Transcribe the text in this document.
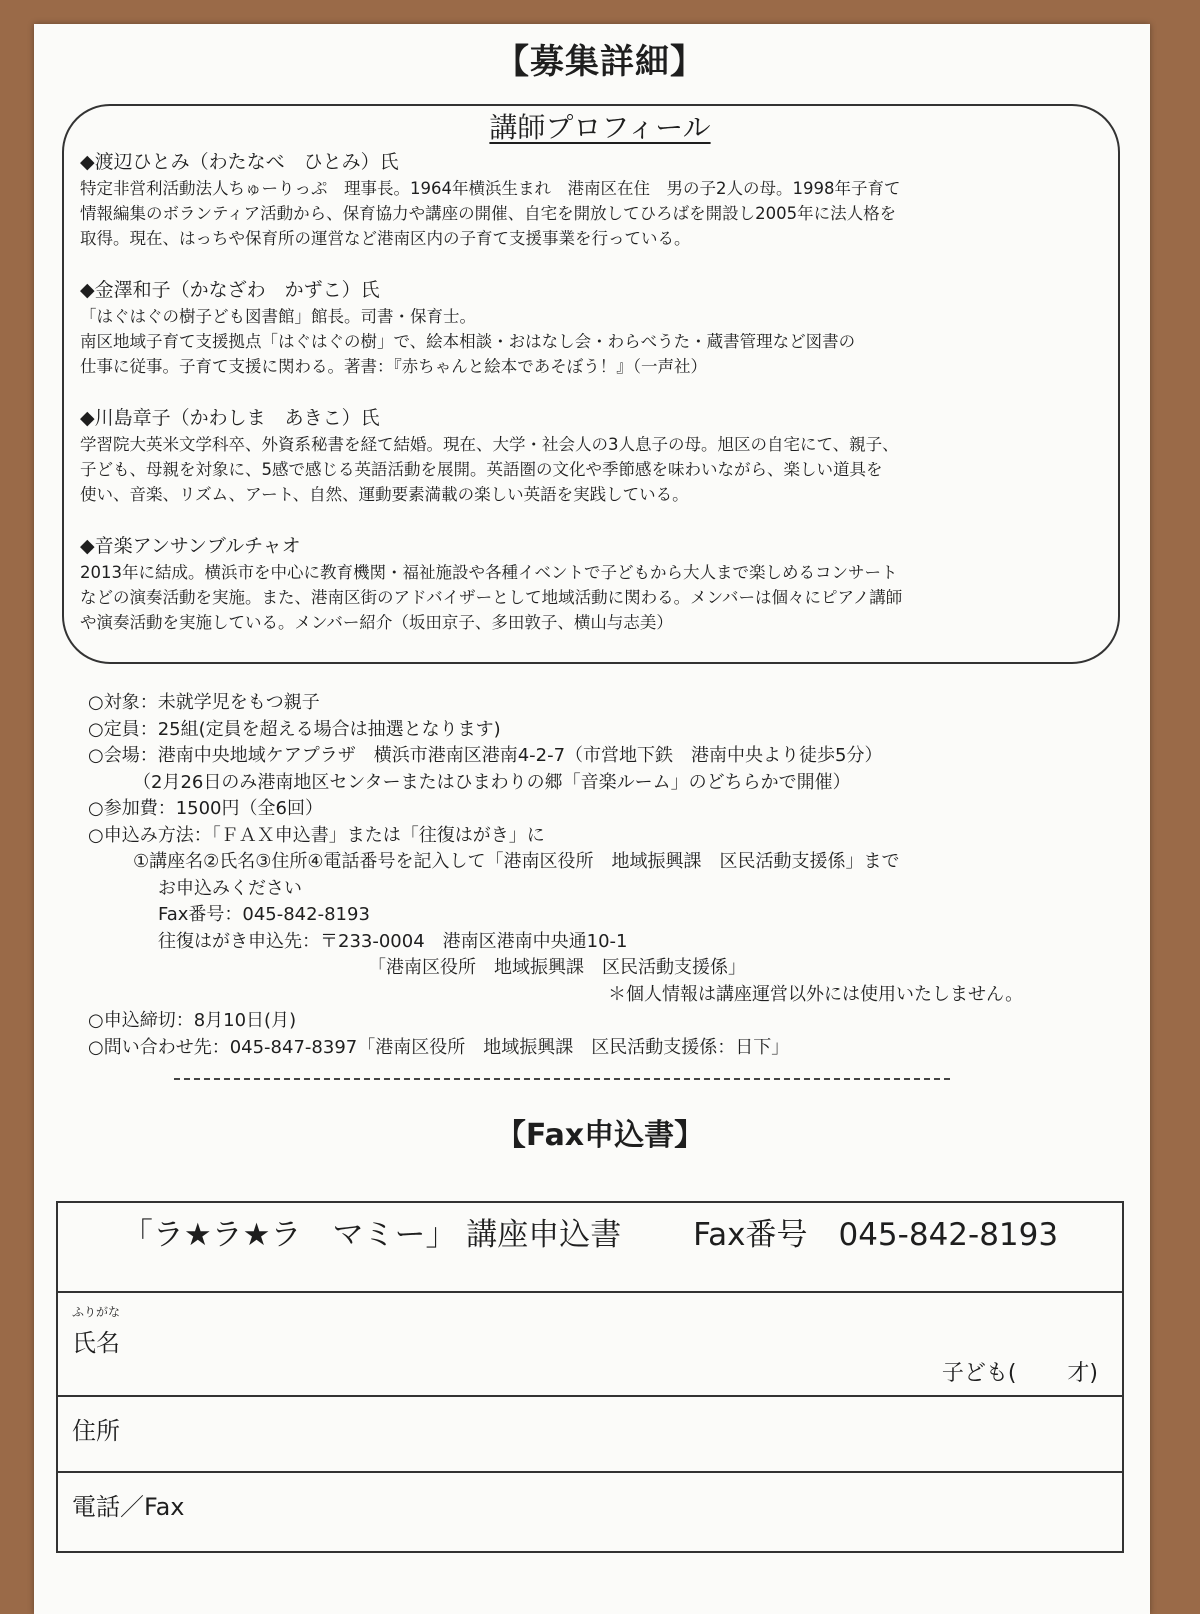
【募集詳細】
講師プロフィール
◆渡辺ひとみ（わたなべ　ひとみ）氏
特定非営利活動法人ちゅーりっぷ　理事長。1964年横浜生まれ　港南区在住　男の子2人の母。1998年子育て
情報編集のボランティア活動から、保育協力や講座の開催、自宅を開放してひろばを開設し2005年に法人格を
取得。現在、はっちや保育所の運営など港南区内の子育て支援事業を行っている。
◆金澤和子（かなざわ　かずこ）氏
「はぐはぐの樹子ども図書館」館長。司書・保育士。
南区地域子育て支援拠点「はぐはぐの樹」で、絵本相談・おはなし会・わらべうた・蔵書管理など図書の
仕事に従事。子育て支援に関わる。著書：『赤ちゃんと絵本であそぼう！』（一声社）
◆川島章子（かわしま　あきこ）氏
学習院大英米文学科卒、外資系秘書を経て結婚。現在、大学・社会人の3人息子の母。旭区の自宅にて、親子、
子ども、母親を対象に、5感で感じる英語活動を展開。英語圏の文化や季節感を味わいながら、楽しい道具を
使い、音楽、リズム、アート、自然、運動要素満載の楽しい英語を実践している。
◆音楽アンサンブルチャオ
2013年に結成。横浜市を中心に教育機関・福祉施設や各種イベントで子どもから大人まで楽しめるコンサート
などの演奏活動を実施。また、港南区街のアドバイザーとして地域活動に関わる。メンバーは個々にピアノ講師
や演奏活動を実施している。メンバー紹介（坂田京子、多田敦子、横山与志美）
○対象：未就学児をもつ親子
○定員：25組(定員を超える場合は抽選となります)
○会場：港南中央地域ケアプラザ　横浜市港南区港南4-2-7（市営地下鉄　港南中央より徒歩5分）
（2月26日のみ港南地区センターまたはひまわりの郷「音楽ルーム」のどちらかで開催）
○参加費：1500円（全6回）
○申込み方法：「ＦＡＸ申込書」または「往復はがき」に
①講座名②氏名③住所④電話番号を記入して「港南区役所　地域振興課　区民活動支援係」まで
お申込みください
Fax番号：045-842-8193
往復はがき申込先：〒233-0004　港南区港南中央通10-1
「港南区役所　地域振興課　区民活動支援係」
＊個人情報は講座運営以外には使用いたしません。
○申込締切：8月10日(月)
○問い合わせ先：045-847-8397「港南区役所　地域振興課　区民活動支援係：日下」
【Fax申込書】
「ラ★ラ★ラ　マミー」 講座申込書　　 Fax番号　045-842-8193
ふりがな
氏名
子ども(　　 才)
住所
電話／Fax
